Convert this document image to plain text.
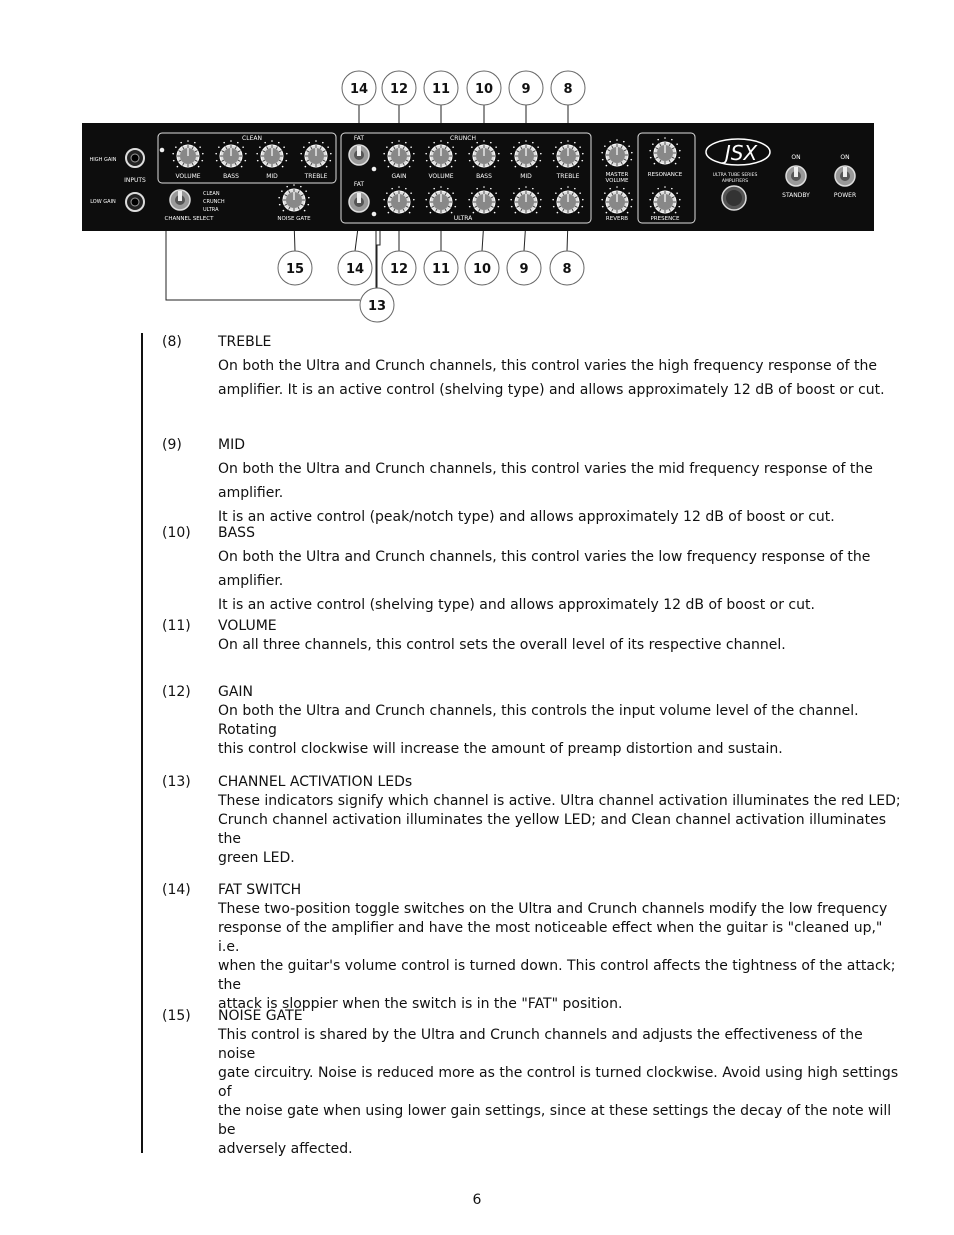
HIGH GAIN
LOW GAIN
INPUTS
CLEAN
VOLUME	BASS	MID	TREBLE
CLEAN
CRUNCH
ULTRA
CHANNEL SELECT	NOISE GATE
FAT
FAT
CRUNCH
ULTRA
GAIN	VOLUME	BASS	MID	TREBLE	MASTER
VOLUME
REVERB
RESONANCE
PRESENCE
JSX
ULTRA TUBE SERIES
AMPLIFIERS
ON
STANDBY
ON
POWER
14 12 11 10 9	8
15	14 12 11 10 9	8
13
(8)	TREBLE
On both the Ultra and Crunch channels, this control varies the high frequency response of the
amplifier. It is an active control (shelving type) and allows approximately 12 dB of boost or cut.
(9)	MID
On both the Ultra and Crunch channels, this control varies the mid frequency response of the amplifier.
It is an active control (peak/notch type) and allows approximately 12 dB of boost or cut.
(10) BASS
On both the Ultra and Crunch channels, this control varies the low frequency response of the amplifier.
It is an active control (shelving type) and allows approximately 12 dB of boost or cut.
(11) VOLUME
On all three channels, this control sets the overall level of its respective channel.
(12) GAIN
On both the Ultra and Crunch channels, this controls the input volume level of the channel. Rotating
this control clockwise will increase the amount of preamp distortion and sustain.
(13) CHANNEL ACTIVATION LEDs
These indicators signify which channel is active. Ultra channel activation illuminates the red LED;
Crunch channel activation illuminates the yellow LED; and Clean channel activation illuminates the
green LED.
(14) FAT SWITCH
These two-position toggle switches on the Ultra and Crunch channels modify the low frequency
response of the amplifier and have the most noticeable effect when the guitar is "cleaned up," i.e.
when the guitar's volume control is turned down. This control affects the tightness of the attack; the
attack is sloppier when the switch is in the "FAT" position.
(15) NOISE GATE
This control is shared by the Ultra and Crunch channels and adjusts the effectiveness of the noise
gate circuitry. Noise is reduced more as the control is turned clockwise. Avoid using high settings of
the noise gate when using lower gain settings, since at these settings the decay of the note will be
adversely affected.
6
